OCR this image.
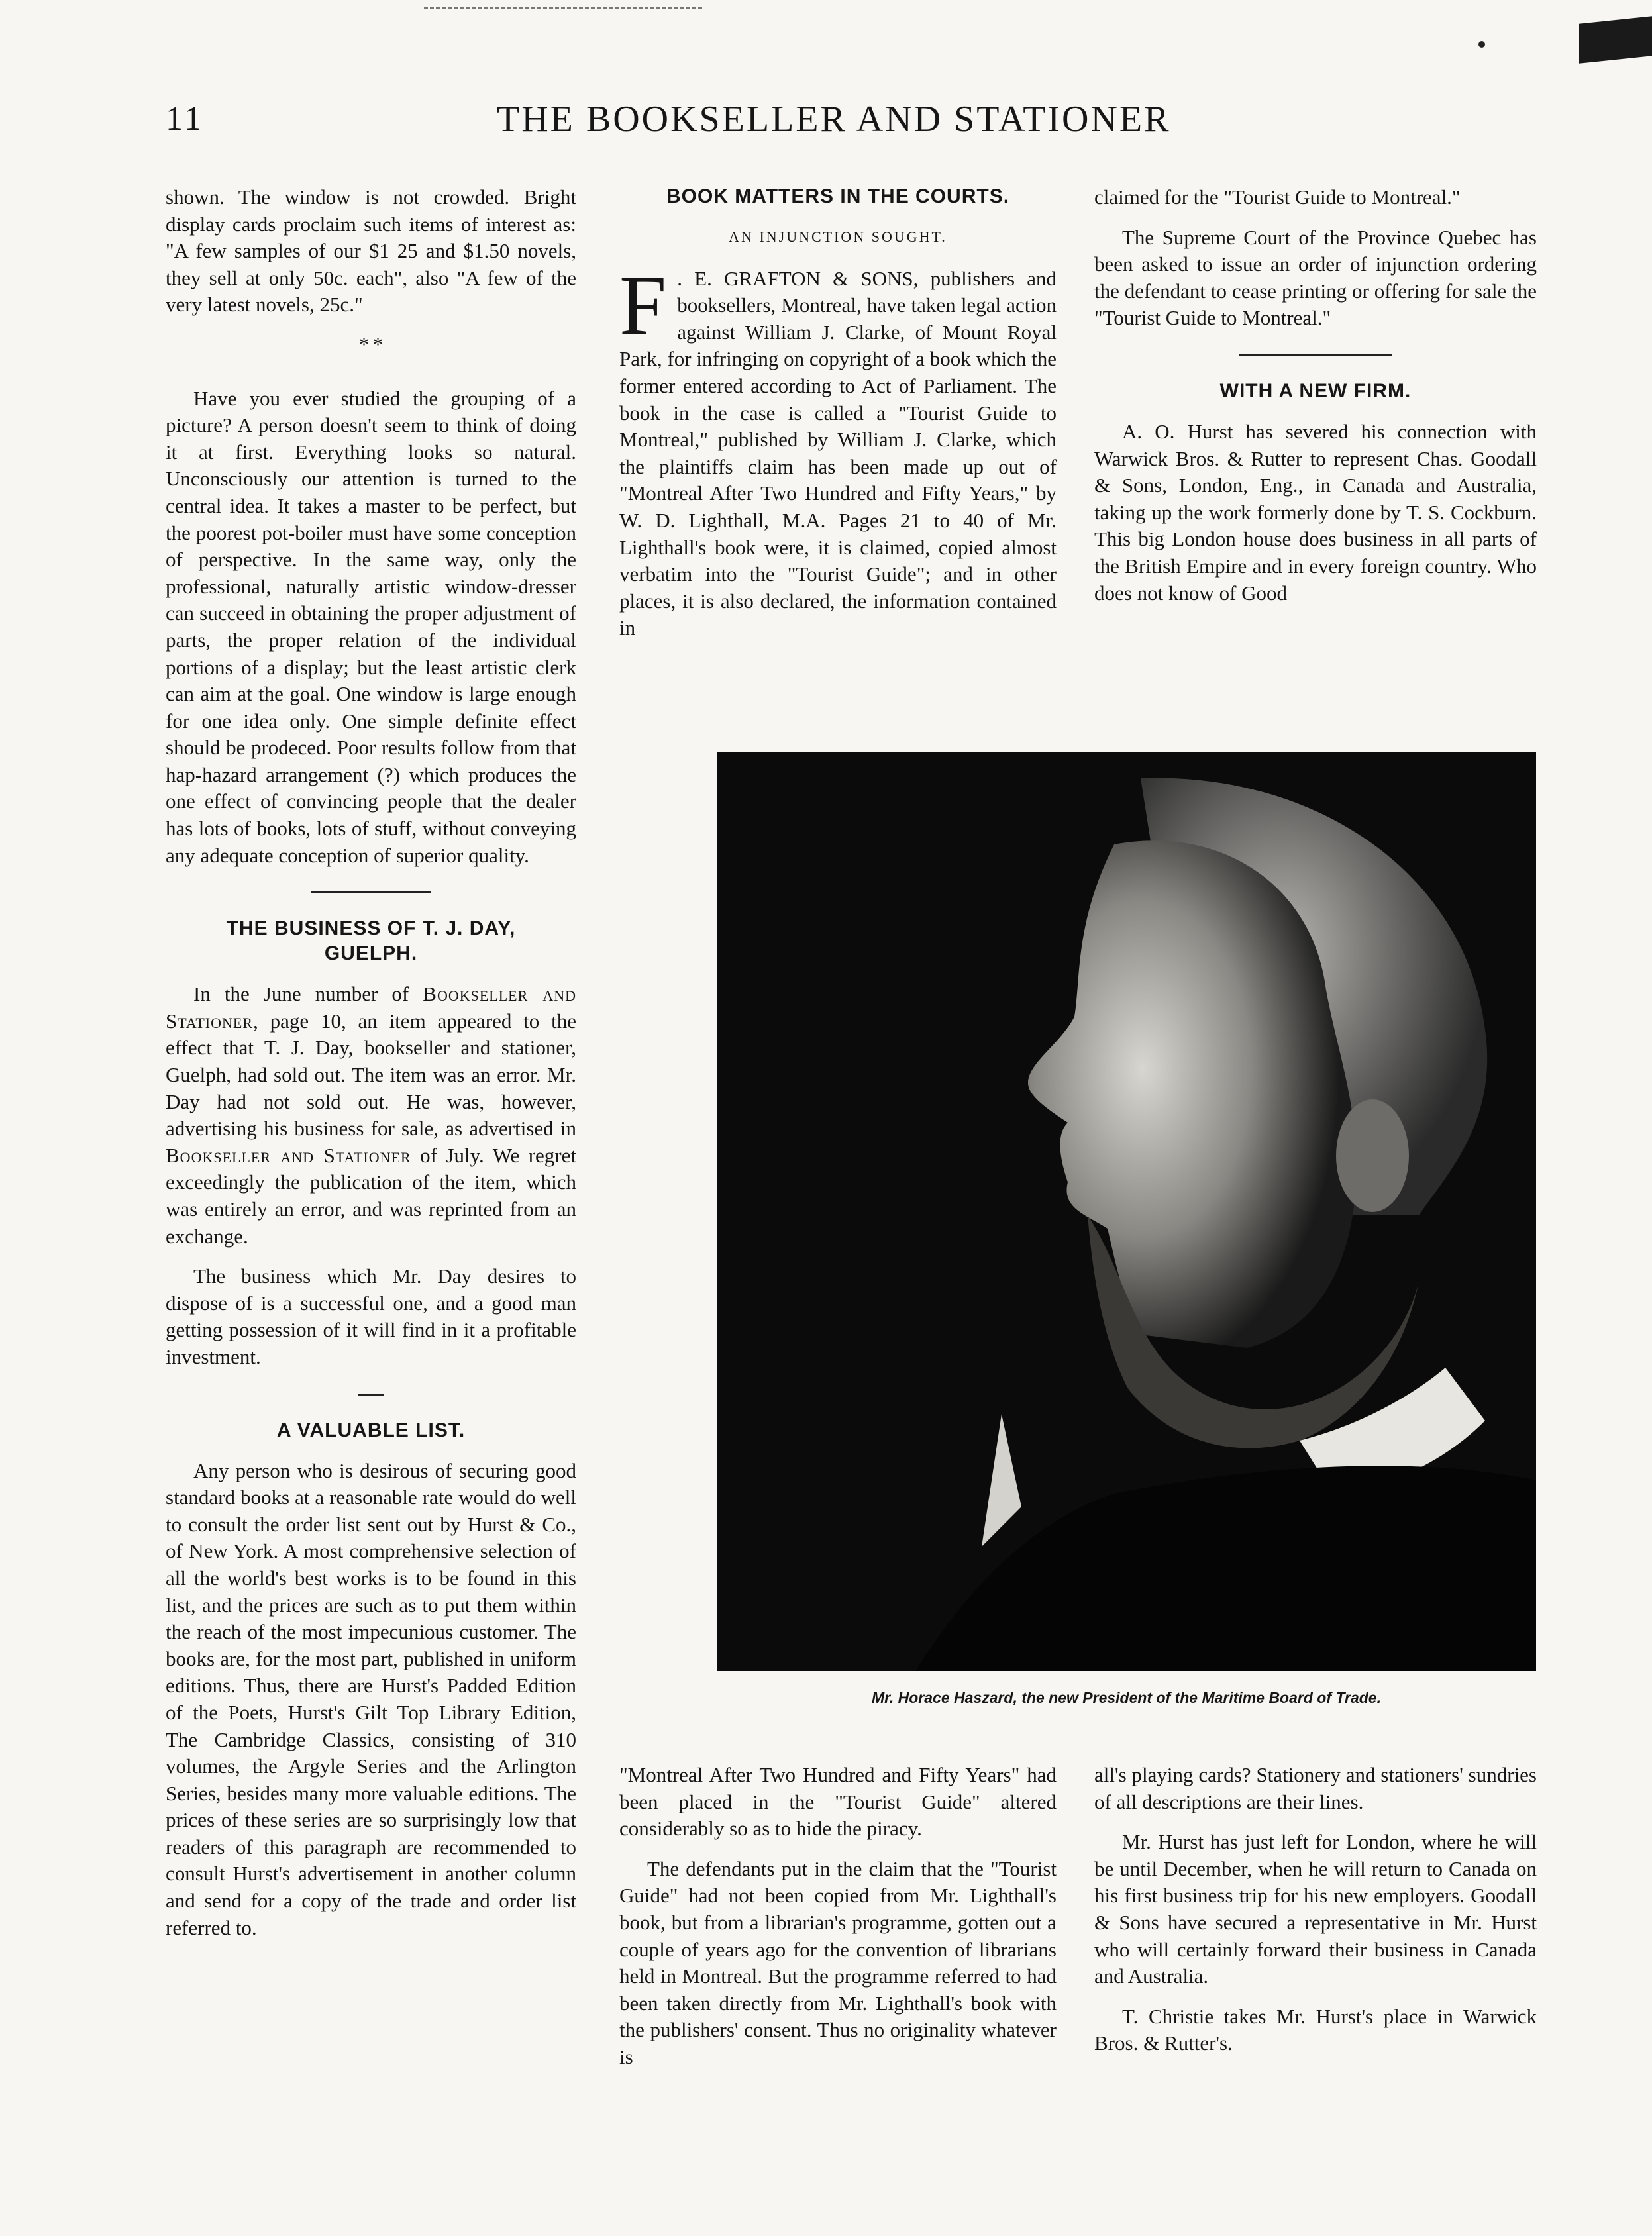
11	THE BOOKSELLER AND STATIONER

shown. The window is not crowded. Bright display cards proclaim such items of interest as: "A few samples of our $1 25 and $1.50 novels, they sell at only 50c. each", also "A few of the very latest novels, 25c."

* *

Have you ever studied the grouping of a picture? A person doesn't seem to think of doing it at first. Everything looks so natural. Unconsciously our attention is turned to the central idea. It takes a master to be perfect, but the poorest pot-boiler must have some conception of perspective. In the same way, only the professional, naturally artistic window-dresser can succeed in obtaining the proper adjustment of parts, the proper relation of the individual portions of a display; but the least artistic clerk can aim at the goal. One window is large enough for one idea only. One simple definite effect should be prodeced. Poor results follow from that hap-hazard arrangement (?) which produces the one effect of convincing people that the dealer has lots of books, lots of stuff, without conveying any adequate conception of superior quality.

THE BUSINESS OF T. J. DAY,
GUELPH.

In the June number of Bookseller and Stationer, page 10, an item appeared to the effect that T. J. Day, bookseller and stationer, Guelph, had sold out. The item was an error. Mr. Day had not sold out. He was, however, advertising his business for sale, as advertised in Bookseller and Stationer of July. We regret exceedingly the publication of the item, which was entirely an error, and was reprinted from an exchange.

The business which Mr. Day desires to dispose of is a successful one, and a good man getting possession of it will find in it a profitable investment.

A VALUABLE LIST.

Any person who is desirous of securing good standard books at a reasonable rate would do well to consult the order list sent out by Hurst & Co., of New York. A most comprehensive selection of all the world's best works is to be found in this list, and the prices are such as to put them within the reach of the most impecunious customer. The books are, for the most part, published in uniform editions. Thus, there are Hurst's Padded Edition of the Poets, Hurst's Gilt Top Library Edition, The Cambridge Classics, consisting of 310 volumes, the Argyle Series and the Arlington Series, besides many more valuable editions. The prices of these series are so surprisingly low that readers of this paragraph are recommended to consult Hurst's advertisement in another column and send for a copy of the trade and order list referred to.

BOOK MATTERS IN THE COURTS.
AN INJUNCTION SOUGHT.

F . E. GRAFTON & SONS, publishers and booksellers, Montreal, have taken legal action against William J. Clarke, of Mount Royal Park, for infringing on copyright of a book which the former entered according to Act of Parliament. The book in the case is called a "Tourist Guide to Montreal," published by William J. Clarke, which the plaintiffs claim has been made up out of "Montreal After Two Hundred and Fifty Years," by W. D. Lighthall, M.A. Pages 21 to 40 of Mr. Lighthall's book were, it is claimed, copied almost verbatim into the "Tourist Guide"; and in other places, it is also declared, the information contained in

claimed for the "Tourist Guide to Montreal."

The Supreme Court of the Province Quebec has been asked to issue an order of injunction ordering the defendant to cease printing or offering for sale the "Tourist Guide to Montreal."

WITH A NEW FIRM.

A. O. Hurst has severed his connection with Warwick Bros. & Rutter to represent Chas. Goodall & Sons, London, Eng., in Canada and Australia, taking up the work formerly done by T. S. Cockburn. This big London house does business in all parts of the British Empire and in every foreign country. Who does not know of Good

Mr. Horace Haszard, the new President of the Maritime Board of Trade.

"Montreal After Two Hundred and Fifty Years" had been placed in the "Tourist Guide" altered considerably so as to hide the piracy.

The defendants put in the claim that the "Tourist Guide" had not been copied from Mr. Lighthall's book, but from a librarian's programme, gotten out a couple of years ago for the convention of librarians held in Montreal. But the programme referred to had been taken directly from Mr. Lighthall's book with the publishers' consent. Thus no originality whatever is

all's playing cards? Stationery and stationers' sundries of all descriptions are their lines.

Mr. Hurst has just left for London, where he will be until December, when he will return to Canada on his first business trip for his new employers. Goodall & Sons have secured a representative in Mr. Hurst who will certainly forward their business in Canada and Australia.

T. Christie takes Mr. Hurst's place in Warwick Bros. & Rutter's.
